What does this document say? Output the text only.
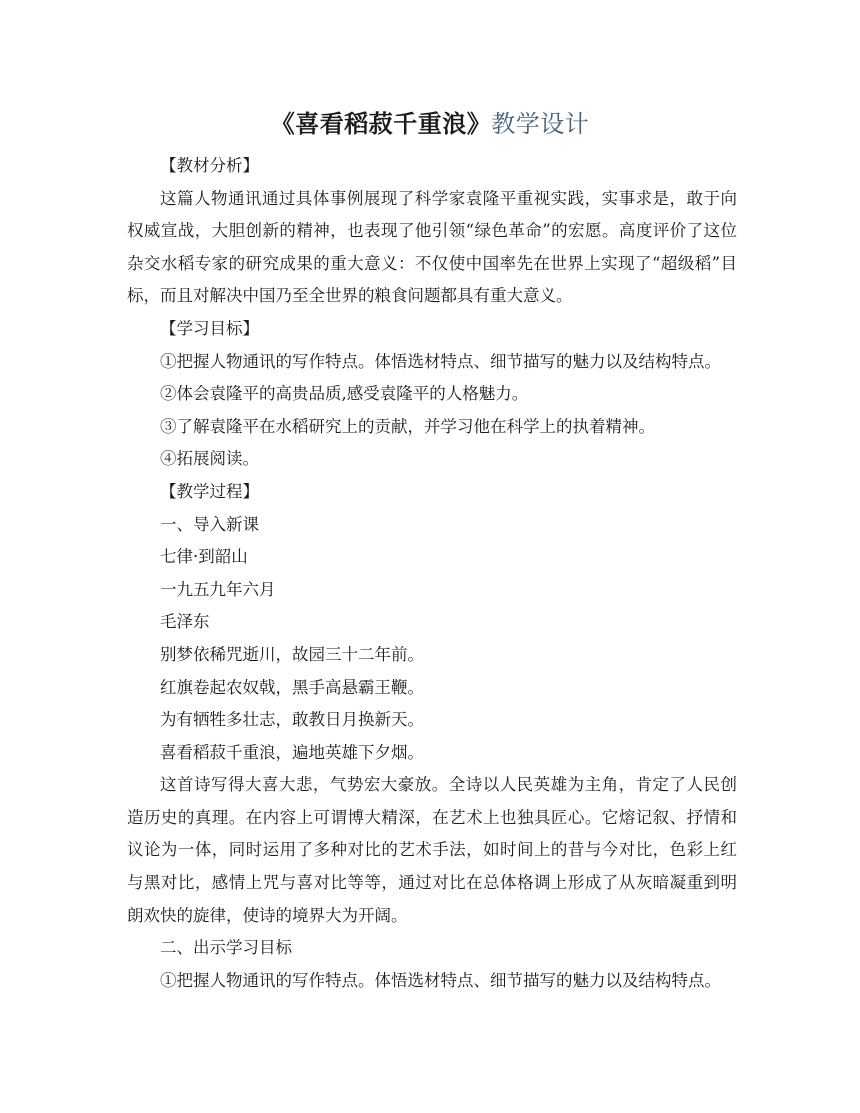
《喜看稻菽千重浪》教学设计

【教材分析】

这篇人物通讯通过具体事例展现了科学家袁隆平重视实践，实事求是，敢于向权威宣战，大胆创新的精神，也表现了他引领“绿色革命”的宏愿。高度评价了这位杂交水稻专家的研究成果的重大意义：不仅使中国率先在世界上实现了“超级稻”目标，而且对解决中国乃至全世界的粮食问题都具有重大意义。

【学习目标】

①把握人物通讯的写作特点。体悟选材特点、细节描写的魅力以及结构特点。

②体会袁隆平的高贵品质,感受袁隆平的人格魅力。

③了解袁隆平在水稻研究上的贡献，并学习他在科学上的执着精神。

④拓展阅读。

【教学过程】

一、导入新课

七律·到韶山

一九五九年六月

毛泽东

别梦依稀咒逝川，故园三十二年前。

红旗卷起农奴戟，黑手高悬霸王鞭。

为有牺牲多壮志，敢教日月换新天。

喜看稻菽千重浪，遍地英雄下夕烟。

这首诗写得大喜大悲，气势宏大豪放。全诗以人民英雄为主角，肯定了人民创造历史的真理。在内容上可谓博大精深，在艺术上也独具匠心。它熔记叙、抒情和议论为一体，同时运用了多种对比的艺术手法，如时间上的昔与今对比，色彩上红与黑对比，感情上咒与喜对比等等，通过对比在总体格调上形成了从灰暗凝重到明朗欢快的旋律，使诗的境界大为开阔。

二、出示学习目标

①把握人物通讯的写作特点。体悟选材特点、细节描写的魅力以及结构特点。
